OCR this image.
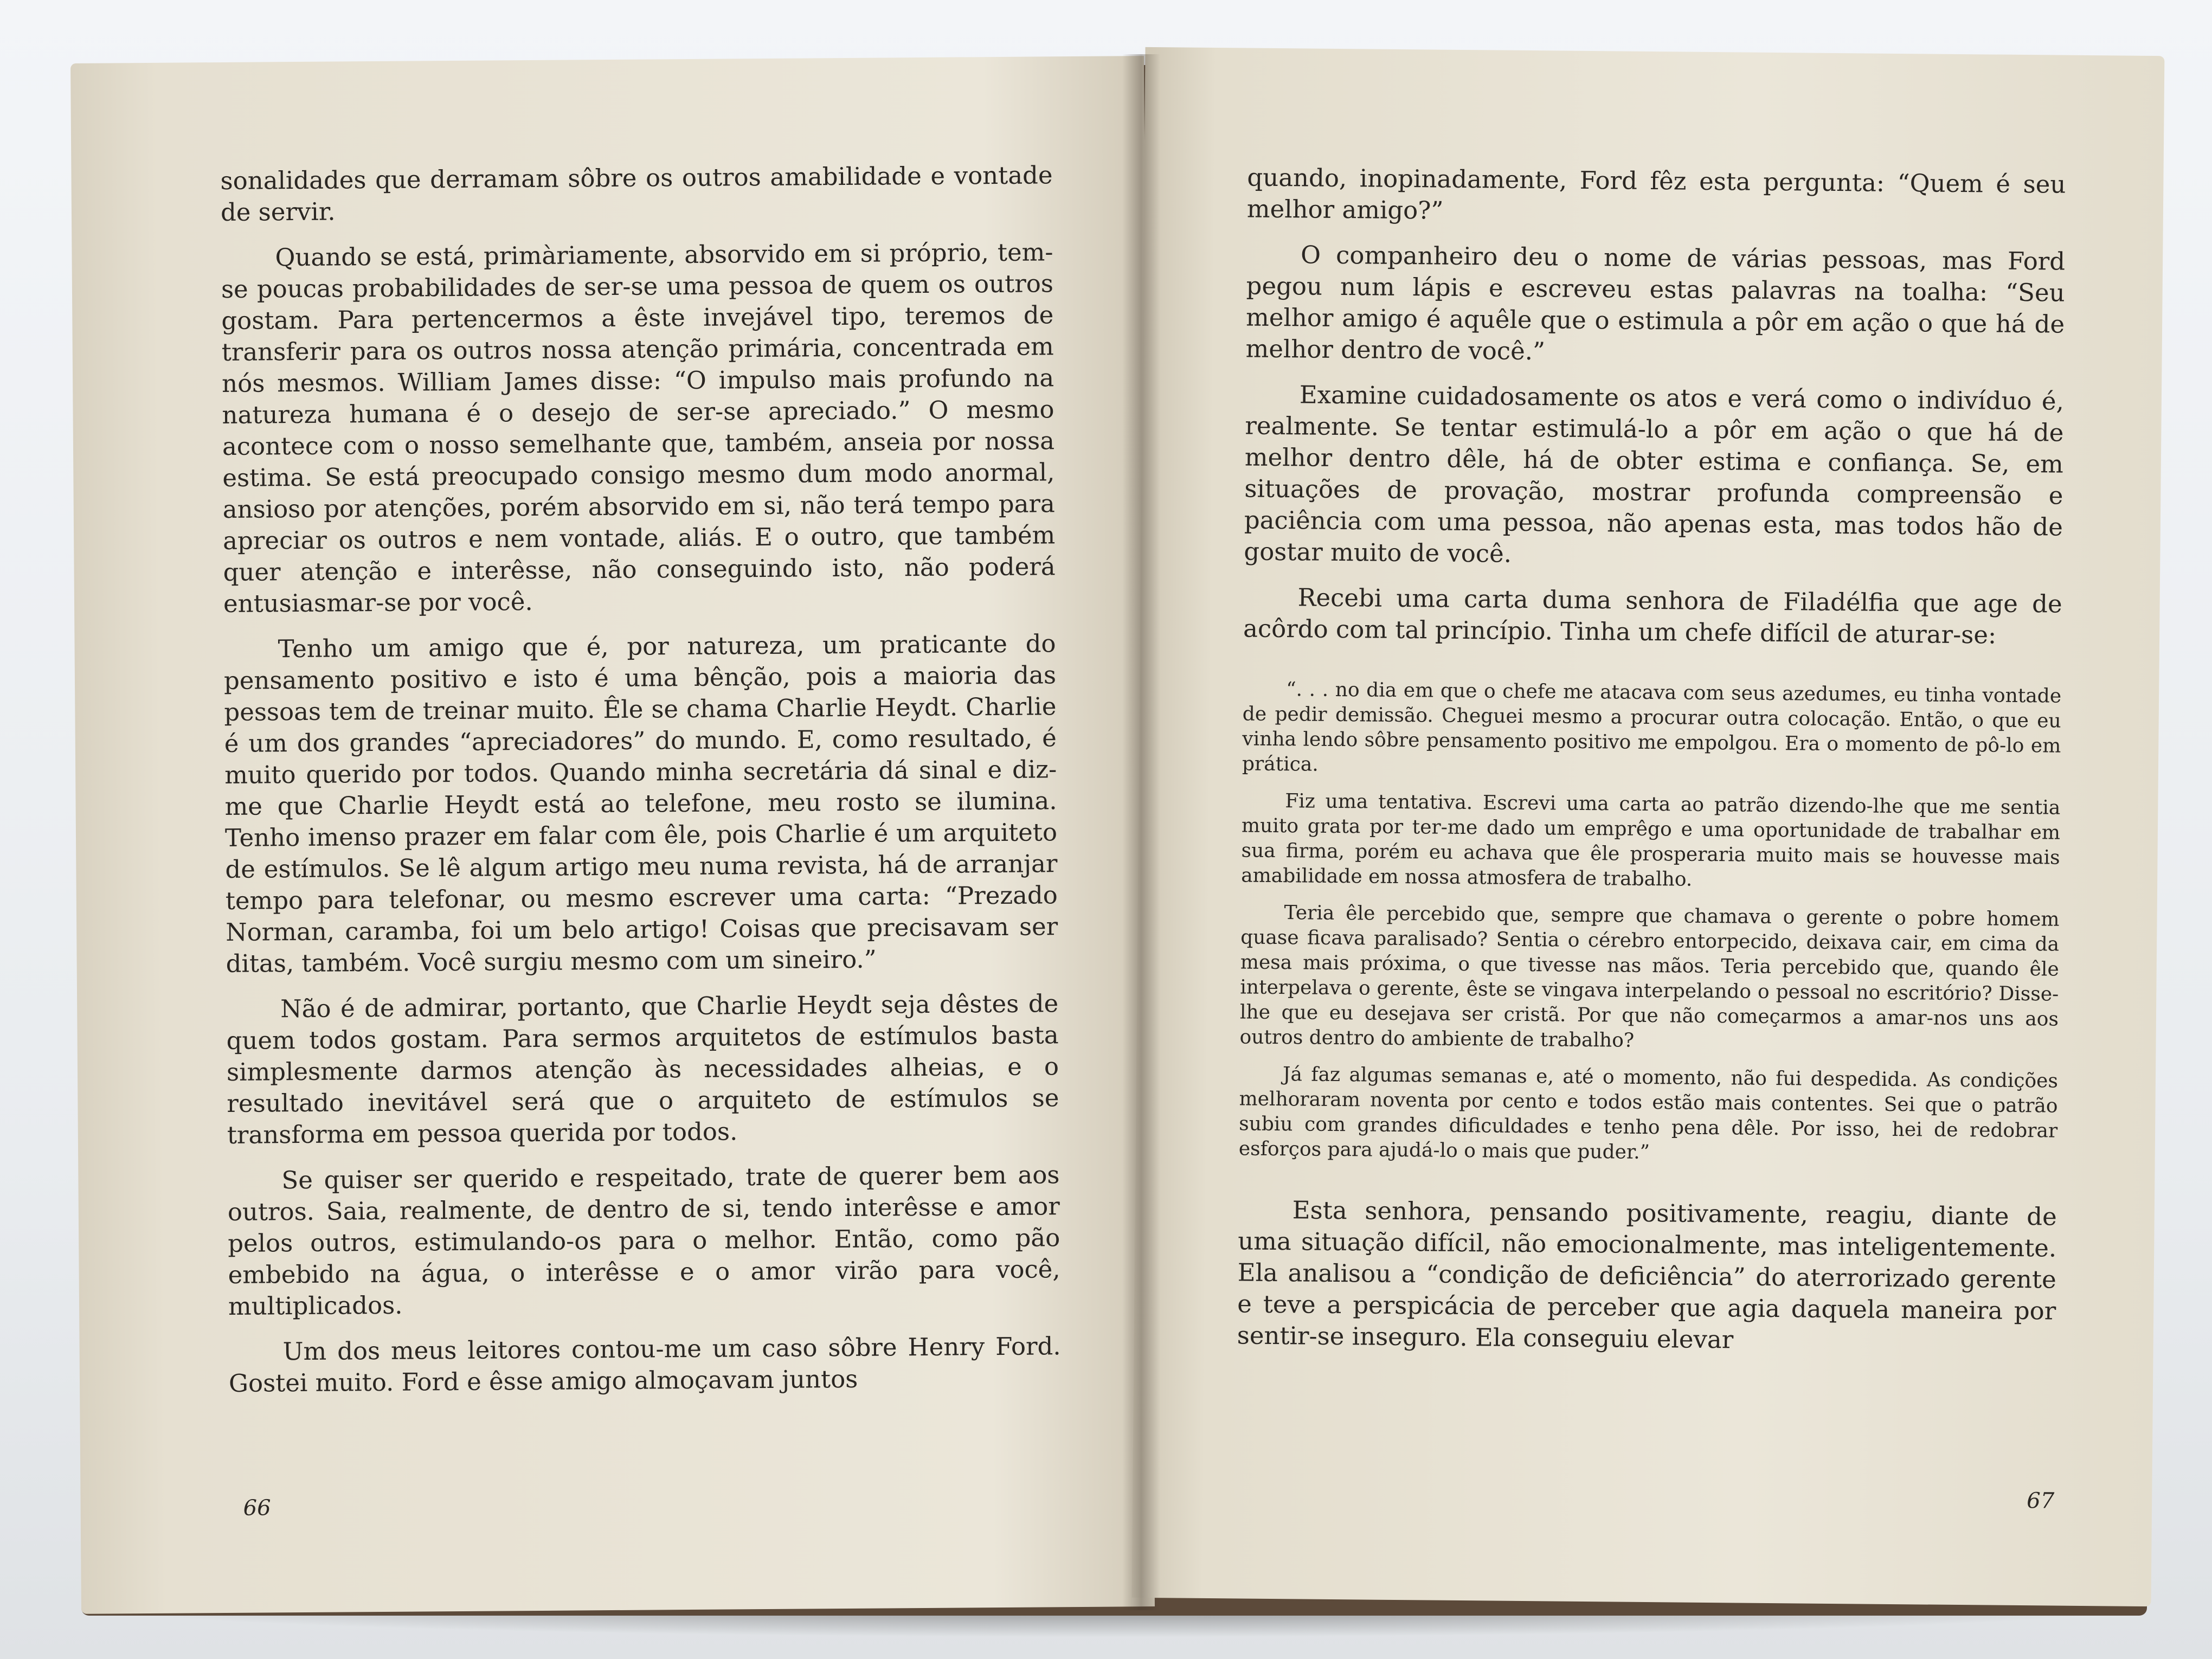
sonalidades que derramam sôbre os outros amabilidade e vontade de servir.

Quando se está, primàriamente, absorvido em si próprio, tem-se poucas probabilidades de ser-se uma pessoa de quem os outros gostam. Para pertencermos a êste invejável tipo, teremos de transferir para os outros nossa atenção primária, concentrada em nós mesmos. William James disse: “O impulso mais profundo na natureza humana é o desejo de ser-se apreciado.” O mesmo acontece com o nosso semelhante que, também, anseia por nossa estima. Se está preocupado consigo mesmo dum modo anormal, ansioso por atenções, porém absorvido em si, não terá tempo para apreciar os outros e nem vontade, aliás. E o outro, que também quer atenção e interêsse, não conseguindo isto, não poderá entusiasmar-se por você.

Tenho um amigo que é, por natureza, um praticante do pensamento positivo e isto é uma bênção, pois a maioria das pessoas tem de treinar muito. Êle se chama Charlie Heydt. Charlie é um dos grandes “apreciadores” do mundo. E, como resultado, é muito querido por todos. Quando minha secretária dá sinal e diz-me que Charlie Heydt está ao telefone, meu rosto se ilumina. Tenho imenso prazer em falar com êle, pois Charlie é um arquiteto de estímulos. Se lê algum artigo meu numa revista, há de arranjar tempo para telefonar, ou mesmo escrever uma carta: “Prezado Norman, caramba, foi um belo artigo! Coisas que precisavam ser ditas, também. Você surgiu mesmo com um sineiro.”

Não é de admirar, portanto, que Charlie Heydt seja dêstes de quem todos gostam. Para sermos arquitetos de estímulos basta simplesmente darmos atenção às necessidades alheias, e o resultado inevitável será que o arquiteto de estímulos se transforma em pessoa querida por todos.

Se quiser ser querido e respeitado, trate de querer bem aos outros. Saia, realmente, de dentro de si, tendo interêsse e amor pelos outros, estimulando-os para o melhor. Então, como pão embebido na água, o interêsse e o amor virão para você, multiplicados.

Um dos meus leitores contou-me um caso sôbre Henry Ford. Gostei muito. Ford e êsse amigo almoçavam juntos

66

quando, inopinadamente, Ford fêz esta pergunta: “Quem é seu melhor amigo?”

O companheiro deu o nome de várias pessoas, mas Ford pegou num lápis e escreveu estas palavras na toalha: “Seu melhor amigo é aquêle que o estimula a pôr em ação o que há de melhor dentro de você.”

Examine cuidadosamente os atos e verá como o indivíduo é, realmente. Se tentar estimulá-lo a pôr em ação o que há de melhor dentro dêle, há de obter estima e confiança. Se, em situações de provação, mostrar profunda compreensão e paciência com uma pessoa, não apenas esta, mas todos hão de gostar muito de você.

Recebi uma carta duma senhora de Filadélfia que age de acôrdo com tal princípio. Tinha um chefe difícil de aturar-se:

“. . . no dia em que o chefe me atacava com seus azedumes, eu tinha vontade de pedir demissão. Cheguei mesmo a procurar outra colocação. Então, o que eu vinha lendo sôbre pensamento positivo me empolgou. Era o momento de pô-lo em prática.

Fiz uma tentativa. Escrevi uma carta ao patrão dizendo-lhe que me sentia muito grata por ter-me dado um emprêgo e uma oportunidade de trabalhar em sua firma, porém eu achava que êle prosperaria muito mais se houvesse mais amabilidade em nossa atmosfera de trabalho.

Teria êle percebido que, sempre que chamava o gerente o pobre homem quase ficava paralisado? Sentia o cérebro entorpecido, deixava cair, em cima da mesa mais próxima, o que tivesse nas mãos. Teria percebido que, quando êle interpelava o gerente, êste se vingava interpelando o pessoal no escritório? Disse-lhe que eu desejava ser cristã. Por que não começarmos a amar-nos uns aos outros dentro do ambiente de trabalho?

Já faz algumas semanas e, até o momento, não fui despedida. As condições melhoraram noventa por cento e todos estão mais contentes. Sei que o patrão subiu com grandes dificuldades e tenho pena dêle. Por isso, hei de redobrar esforços para ajudá-lo o mais que puder.”

Esta senhora, pensando positivamente, reagiu, diante de uma situação difícil, não emocionalmente, mas inteligentemente. Ela analisou a “condição de deficiência” do aterrorizado gerente e teve a perspicácia de perceber que agia daquela maneira por sentir-se inseguro. Ela conseguiu elevar

67
